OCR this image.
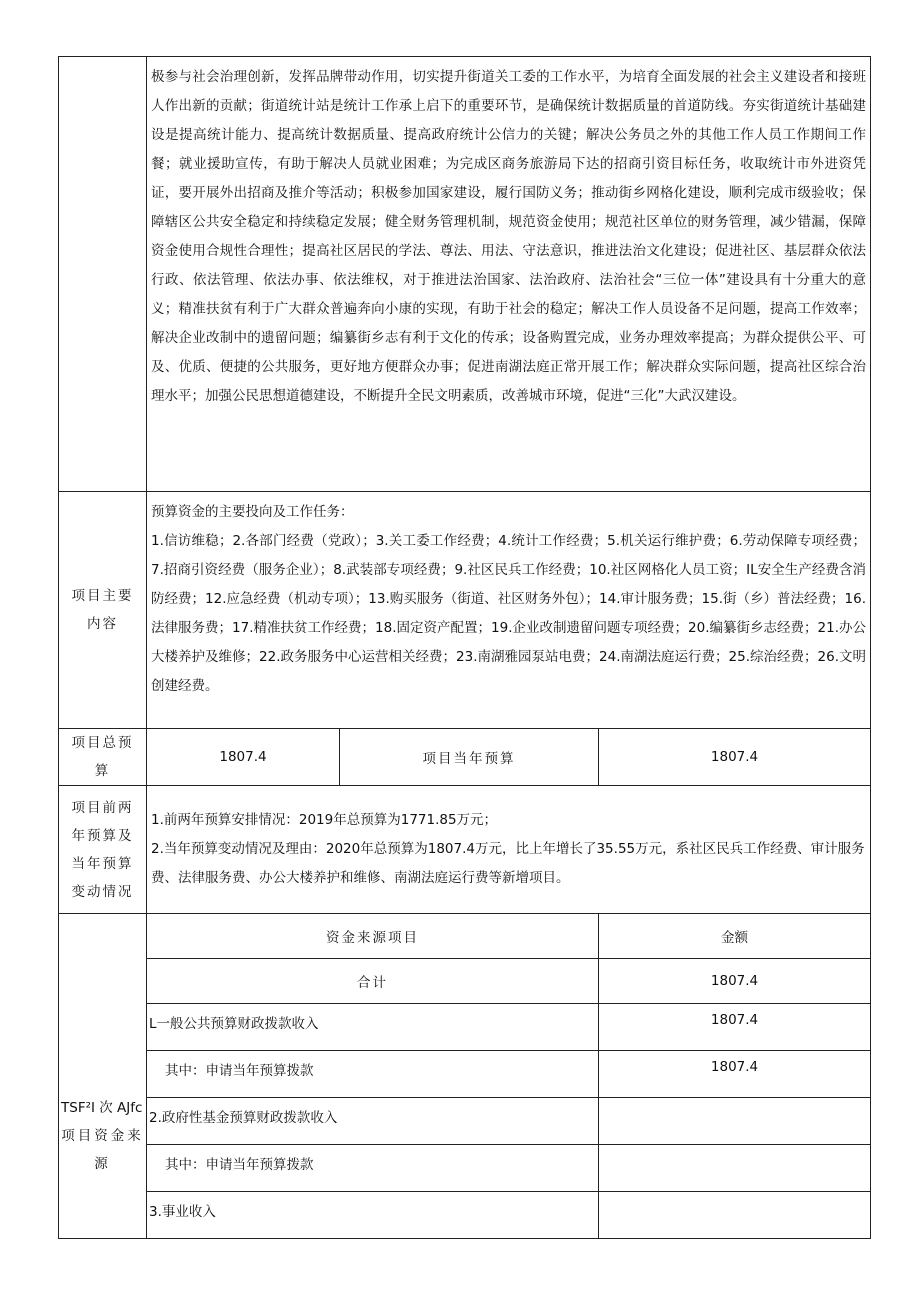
	极参与社会治理创新，发挥品牌带动作用，切实提升街道关工委的工作水平，为培育全面发展的社会主义建设者和接班人作出新的贡献；街道统计站是统计工作承上启下的重要环节，是确保统计数据质量的首道防线。夯实街道统计基础建设是提高统计能力、提高统计数据质量、提高政府统计公信力的关键；解决公务员之外的其他工作人员工作期间工作餐；就业援助宣传，有助于解决人员就业困难；为完成区商务旅游局下达的招商引资目标任务，收取统计市外进资凭证，要开展外出招商及推介等活动；积极参加国家建设，履行国防义务；推动街乡网格化建设，顺利完成市级验收；保障辖区公共安全稳定和持续稳定发展；健全财务管理机制，规范资金使用；规范社区单位的财务管理，减少错漏，保障资金使用合规性合理性；提高社区居民的学法、尊法、用法、守法意识，推进法治文化建设；促进社区、基层群众依法行政、依法管理、依法办事、依法维权，对于推进法治国家、法治政府、法治社会“三位一体”建设具有十分重大的意义；精准扶贫有利于广大群众普遍奔向小康的实现，有助于社会的稳定；解决工作人员设备不足问题，提高工作效率；解决企业改制中的遗留问题；编纂街乡志有利于文化的传承；设备购置完成，业务办理效率提高；为群众提供公平、可及、优质、便捷的公共服务，更好地方便群众办事；促进南湖法庭正常开展工作；解决群众实际问题，提高社区综合治理水平；加强公民思想道德建设，不断提升全民文明素质，改善城市环境，促进“三化”大武汉建设。		

项目主要内容	预算资金的主要投向及工作任务：

1.信访维稳；2.各部门经费（党政）；3.关工委工作经费；4.统计工作经费；5.机关运行维护费；6.劳动保障专项经费；7.招商引资经费（服务企业）；8.武装部专项经费；9.社区民兵工作经费；10.社区网格化人员工资；IL安全生产经费含消防经费；12.应急经费（机动专项）；13.购买服务（街道、社区财务外包）；14.审计服务费；15.街（乡）普法经费；16.法律服务费；17.精准扶贫工作经费；18.固定资产配置；19.企业改制遗留问题专项经费；20.编纂街乡志经费；21.办公大楼养护及维修；22.政务服务中心运营相关经费；23.南湖雅园泵站电费；24.南湖法庭运行费；25.综治经费；26.文明创建经费。		

项目总预算	1807.4	项目当年预算	1807.4
项目前两年预算及当年预算变动情况	1.前两年预算安排情况：2019年总预算为1771.85万元；
2.当年预算变动情况及理由：2020年总预算为1807.4万元，比上年增长了35.55万元，系社区民兵工作经费、审计服务费、法律服务费、办公大楼养护和维修、南湖法庭运行费等新增项目。		

TSF²I 次 AJfc
项目资金来源	资金来源项目		金额
	合计		1807.4
	L一般公共预算财政拨款收入		1807.4
	其中：申请当年预算拨款		1807.4
	2.政府性基金预算财政拨款收入		
	其中：申请当年预算拨款		
	3.事业收入		
